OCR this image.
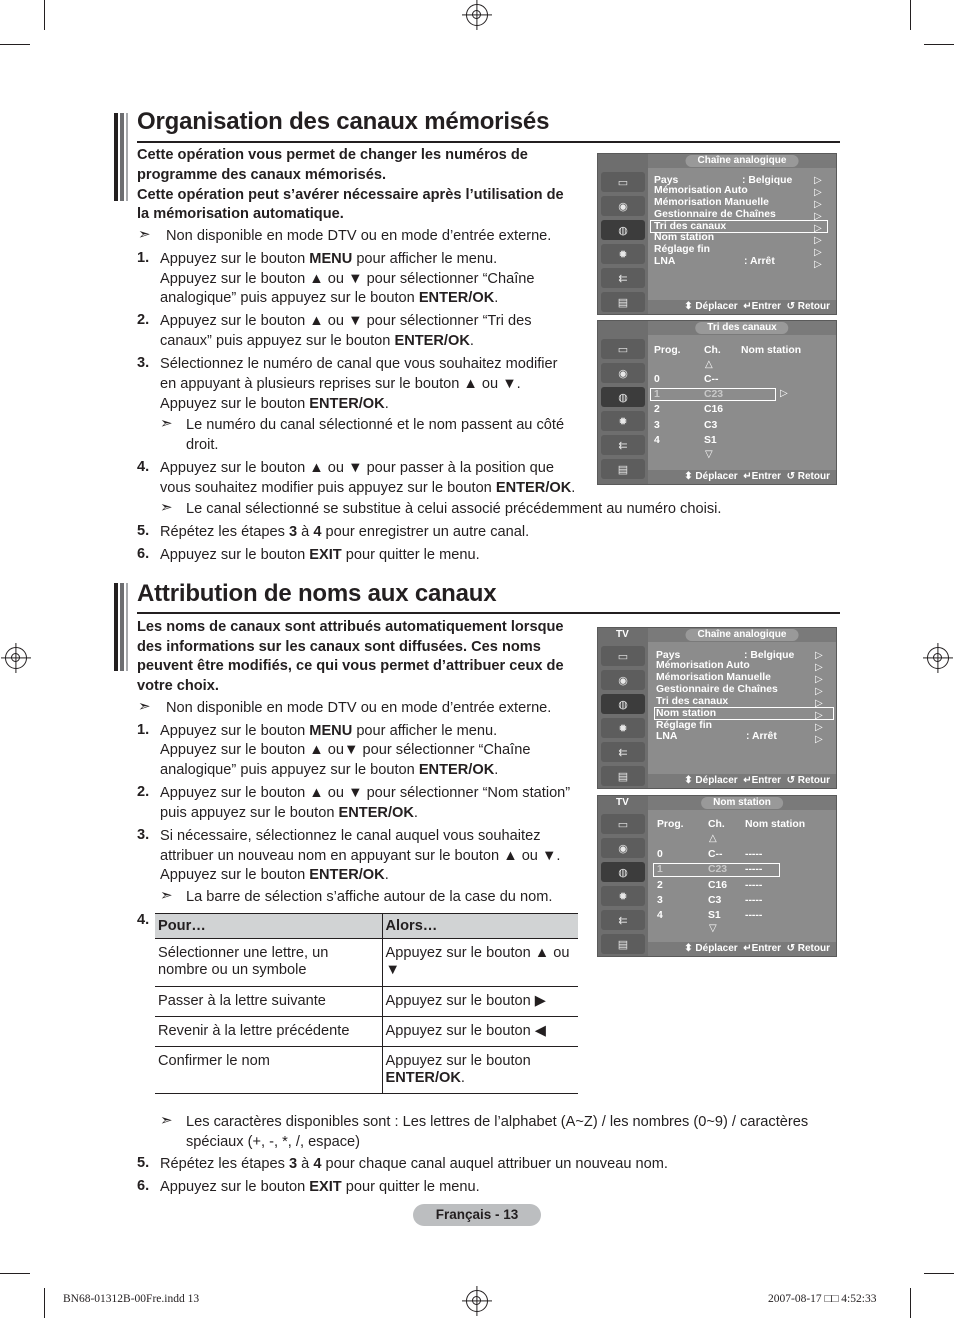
Organisation des canaux mémorisés
Cette opération vous permet de changer les numéros de
programme des canaux mémorisés.
Cette opération peut s’avérer nécessaire après l’utilisation de
la mémorisation automatique.
➣ Non disponible en mode DTV ou en mode d’entrée externe.
1. Appuyez sur le bouton MENU pour afficher le menu.
Appuyez sur le bouton ▲ ou ▼ pour sélectionner “Chaîne
analogique” puis appuyez sur le bouton ENTER/OK.
2. Appuyez sur le bouton ▲ ou ▼ pour sélectionner “Tri des
canaux” puis appuyez sur le bouton ENTER/OK.
3. Sélectionnez le numéro de canal que vous souhaitez modifier
en appuyant à plusieurs reprises sur le bouton ▲ ou ▼.
Appuyez sur le bouton ENTER/OK.
➣ Le numéro du canal sélectionné et le nom passent au côté
droit.
4. Appuyez sur le bouton ▲ ou ▼ pour passer à la position que
vous souhaitez modifier puis appuyez sur le bouton ENTER/OK.
➣ Le canal sélectionné se substitue à celui associé précédemment au numéro choisi.
5. Répétez les étapes 3 à 4 pour enregistrer un autre canal.
6. Appuyez sur le bouton EXIT pour quitter le menu.
▭
◉
◍
✹
⇇
▤
Chaîne analogique
Pays	: Belgique
Mémorisation Auto
Mémorisation Manuelle
Gestionnaire de Chaînes
Tri des canaux
Nom station
Réglage fin
LNA	: Arrêt
▷
▷
▷
▷
▷
▷
▷
▷
⬍ Déplacer  ↵Entrer  ↺ Retour
▭
◉
◍
✹
⇇
▤
Tri des canaux
Prog. Ch. Nom station
△
0	C--
1	C23	▷
2	C16
3	C3
4	S1
▽
⬍ Déplacer  ↵Entrer  ↺ Retour
Attribution de noms aux canaux
Les noms de canaux sont attribués automatiquement lorsque
des informations sur les canaux sont diffusées. Ces noms
peuvent être modifiés, ce qui vous permet d’attribuer ceux de
votre choix.
➣ Non disponible en mode DTV ou en mode d’entrée externe.
1. Appuyez sur le bouton MENU pour afficher le menu.
Appuyez sur le bouton ▲ ou▼ pour sélectionner “Chaîne
analogique” puis appuyez sur le bouton ENTER/OK.
2. Appuyez sur le bouton ▲ ou ▼ pour sélectionner “Nom station”
puis appuyez sur le bouton ENTER/OK.
3. Si nécessaire, sélectionnez le canal auquel vous souhaitez
attribuer un nouveau nom en appuyant sur le bouton ▲ ou ▼.
Appuyez sur le bouton ENTER/OK.
➣ La barre de sélection s’affiche autour de la case du nom.
4. Pour…	Alors…
Sélectionner une lettre, un nombre ou un symbole	Appuyez sur le bouton ▲ ou ▼
Passer à la lettre suivante	Appuyez sur le bouton ▶
Revenir à la lettre précédente	Appuyez sur le bouton ◀
Confirmer le nom	Appuyez sur le bouton
ENTER/OK.
➣ Les caractères disponibles sont : Les lettres de l’alphabet (A~Z) / les nombres (0~9) / caractères
spéciaux (+, -, *, /, espace)
5. Répétez les étapes 3 à 4 pour chaque canal auquel attribuer un nouveau nom.
6. Appuyez sur le bouton EXIT pour quitter le menu.
▭
◉
◍
✹
⇇
▤
TV	Chaîne analogique
Pays	: Belgique
Mémorisation Auto
Mémorisation Manuelle
Gestionnaire de Chaînes
Tri des canaux
Nom station
Réglage fin
LNA	: Arrêt
▷
▷
▷
▷
▷
▷
▷
▷
⬍ Déplacer  ↵Entrer  ↺ Retour
▭
◉
◍
✹
⇇
▤
TV	Nom station
Prog. Ch. Nom station
△
0	C-- -----
1	C23 -----
2	C16 -----
3	C3 -----
4	S1 -----
▽
⬍ Déplacer  ↵Entrer  ↺ Retour
Français - 13
BN68-01312B-00Fre.indd 13	2007-08-17 □□ 4:52:33
